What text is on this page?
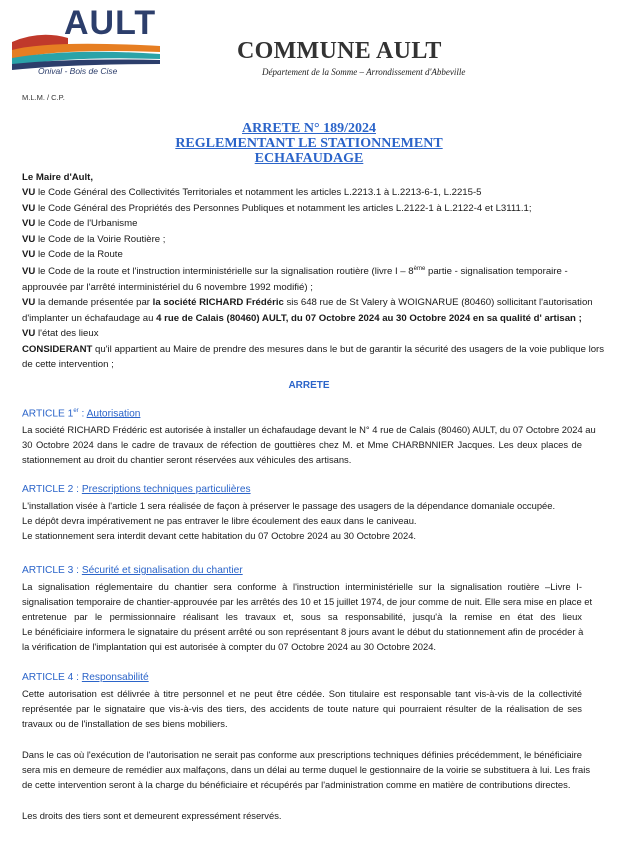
AULT
Onival - Bois de Cise
M.L.M. / C.P.
COMMUNE AULT
Département de la Somme – Arrondissement d'Abbeville
ARRETE N° 189/2024
REGLEMENTANT LE STATIONNEMENT
ECHAFAUDAGE
Le Maire d'Ault,
VU le Code Général des Collectivités Territoriales et notamment les articles L.2213.1 à L.2213-6-1, L.2215-5
VU le Code Général des Propriétés des Personnes Publiques et notamment les articles L.2122-1 à L.2122-4 et L3111.1;
VU le Code de l'Urbanisme
VU le Code de la Voirie Routière ;
VU le Code de la Route
VU le Code de la route et l'instruction interministérielle sur la signalisation routière (livre I – 8ème partie - signalisation temporaire -
approuvée par l'arrêté interministériel du 6 novembre 1992 modifié) ;
VU la demande présentée par la société RICHARD Frédéric sis 648 rue de St Valery à WOIGNARUE (80460) sollicitant l'autorisation
d'implanter un échafaudage au 4 rue de Calais (80460) AULT, du 07 Octobre 2024 au 30 Octobre 2024 en sa qualité d' artisan ;
VU l'état des lieux
CONSIDERANT qu'il appartient au Maire de prendre des mesures dans le but de garantir la sécurité des usagers de la voie publique lors
de cette intervention ;
ARRETE
ARTICLE 1er : Autorisation
La société RICHARD Frédéric est autorisée à installer un échafaudage devant le N° 4 rue de Calais (80460) AULT, du 07 Octobre 2024 au
30 Octobre 2024 dans le cadre de travaux de réfection de gouttières chez M. et Mme CHARBNNIER Jacques. Les deux places de
stationnement au droit du chantier seront réservées aux véhicules des artisans.
ARTICLE 2 : Prescriptions techniques particulières
L'installation visée à l'article 1 sera réalisée de façon à préserver le passage des usagers de la dépendance domaniale occupée.
Le dépôt devra impérativement ne pas entraver le libre écoulement des eaux dans le caniveau.
Le stationnement sera interdit devant cette habitation du 07 Octobre 2024 au 30 Octobre 2024.
ARTICLE 3 : Sécurité et signalisation du chantier
La signalisation réglementaire du chantier sera conforme à l'instruction interministérielle sur la signalisation routière –Livre I-
signalisation temporaire de chantier-approuvée par les arrêtés des 10 et 15 juillet 1974, de jour comme de nuit. Elle sera mise en place et
entretenue par le permissionnaire réalisant les travaux et, sous sa responsabilité, jusqu'à la remise en état des lieux
Le bénéficiaire informera le signataire du présent arrêté ou son représentant 8 jours avant le début du stationnement afin de procéder à
la vérification de l'implantation qui est autorisée à compter du 07 Octobre 2024 au 30 Octobre 2024.
ARTICLE 4 : Responsabilité
Cette autorisation est délivrée à titre personnel et ne peut être cédée. Son titulaire est responsable tant vis-à-vis de la collectivité
représentée par le signataire que vis-à-vis des tiers, des accidents de toute nature qui pourraient résulter de la réalisation de ses
travaux ou de l'installation de ses biens mobiliers.
Dans le cas où l'exécution de l'autorisation ne serait pas conforme aux prescriptions techniques définies précédemment, le bénéficiaire
sera mis en demeure de remédier aux malfaçons, dans un délai au terme duquel le gestionnaire de la voirie se substituera à lui. Les frais
de cette intervention seront à la charge du bénéficiaire et récupérés par l'administration comme en matière de contributions directes.
Les droits des tiers sont et demeurent expressément réservés.
